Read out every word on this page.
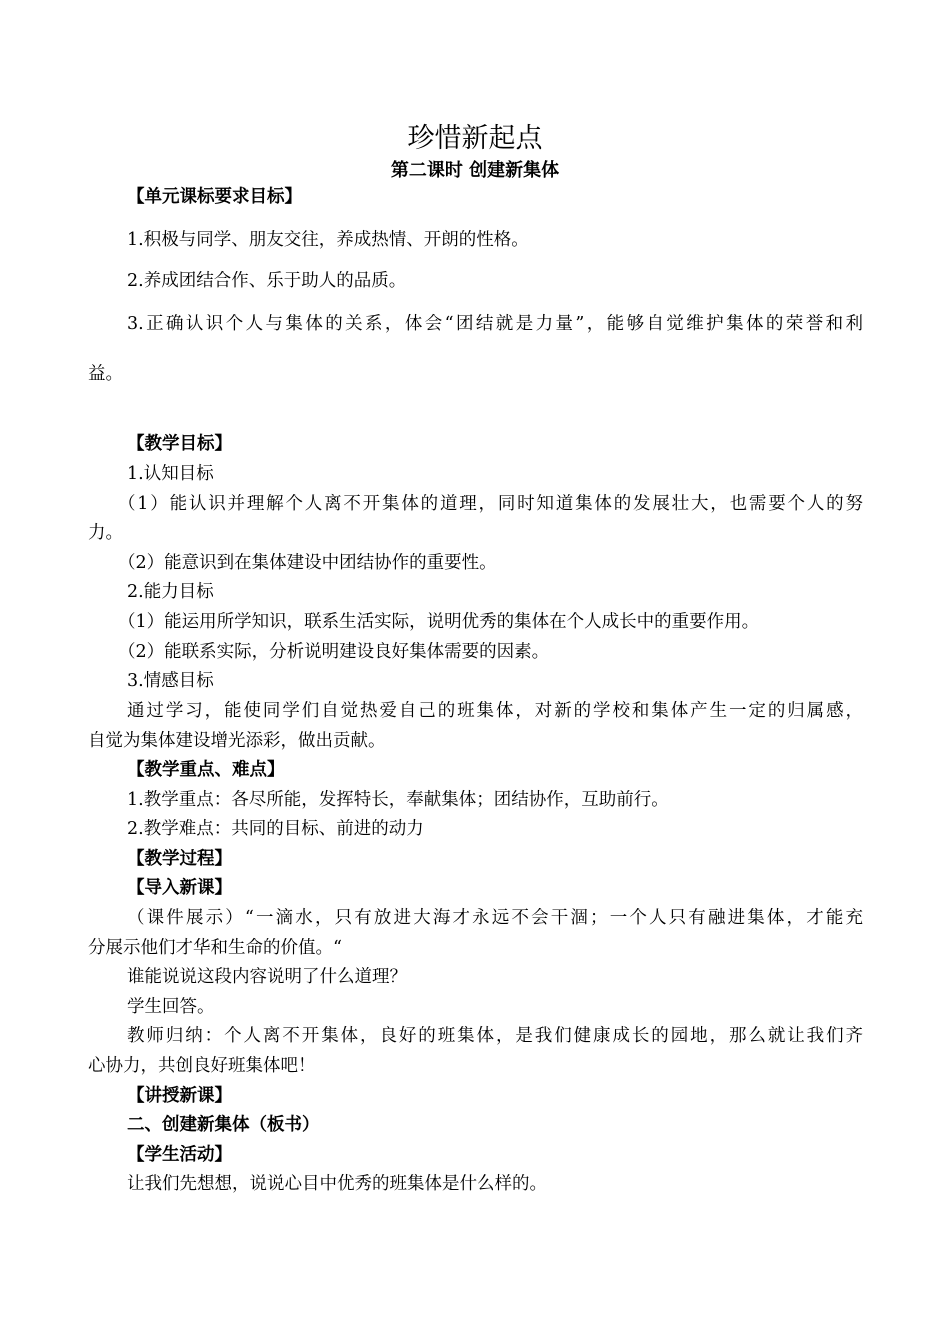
珍惜新起点
第二课时 创建新集体
【单元课标要求目标】
1.积极与同学、朋友交往，养成热情、开朗的性格。
2.养成团结合作、乐于助人的品质。
3.正确认识个人与集体的关系，体会“团结就是力量”，能够自觉维护集体的荣誉和利
益。
【教学目标】
1.认知目标
（1）能认识并理解个人离不开集体的道理，同时知道集体的发展壮大，也需要个人的努
力。
（2）能意识到在集体建设中团结协作的重要性。
2.能力目标
（1）能运用所学知识，联系生活实际，说明优秀的集体在个人成长中的重要作用。
（2）能联系实际，分析说明建设良好集体需要的因素。
3.情感目标
通过学习，能使同学们自觉热爱自己的班集体，对新的学校和集体产生一定的归属感，
自觉为集体建设增光添彩，做出贡献。
【教学重点、难点】
1.教学重点：各尽所能，发挥特长，奉献集体；团结协作，互助前行。
2.教学难点：共同的目标、前进的动力
【教学过程】
【导入新课】
（课件展示）“一滴水，只有放进大海才永远不会干涸；一个人只有融进集体，才能充
分展示他们才华和生命的价值。“
谁能说说这段内容说明了什么道理？
学生回答。
教师归纳：个人离不开集体，良好的班集体，是我们健康成长的园地，那么就让我们齐
心协力，共创良好班集体吧！
【讲授新课】
二、创建新集体（板书）
【学生活动】
让我们先想想，说说心目中优秀的班集体是什么样的。
